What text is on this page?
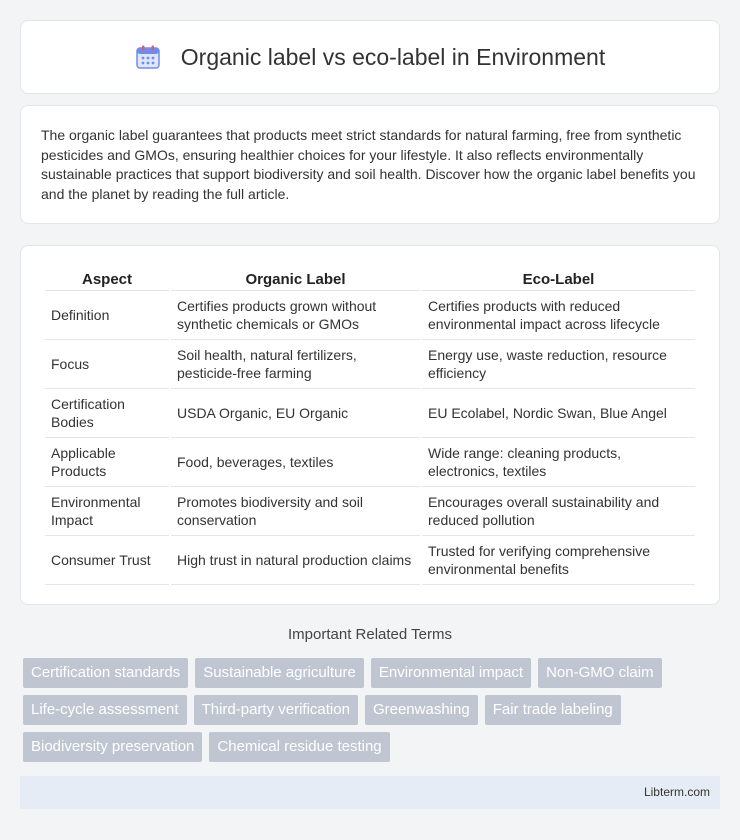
Organic label vs eco-label in Environment

The organic label guarantees that products meet strict standards for natural farming, free from synthetic pesticides and GMOs, ensuring healthier choices for your lifestyle. It also reflects environmentally sustainable practices that support biodiversity and soil health. Discover how the organic label benefits you and the planet by reading the full article.

Aspect	Organic Label	Eco-Label
Definition	Certifies products grown without synthetic chemicals or GMOs	Certifies products with reduced environmental impact across lifecycle
Focus	Soil health, natural fertilizers, pesticide-free farming	Energy use, waste reduction, resource efficiency
Certification Bodies	USDA Organic, EU Organic	EU Ecolabel, Nordic Swan, Blue Angel
Applicable Products	Food, beverages, textiles	Wide range: cleaning products, electronics, textiles
Environmental Impact	Promotes biodiversity and soil conservation	Encourages overall sustainability and reduced pollution
Consumer Trust	High trust in natural production claims	Trusted for verifying comprehensive environmental benefits
Important Related Terms
Certification standards	Sustainable agriculture	Environmental impact	Non-GMO claim
Life-cycle assessment	Third-party verification	Greenwashing	Fair trade labeling
Biodiversity preservation	Chemical residue testing
Libterm.com
